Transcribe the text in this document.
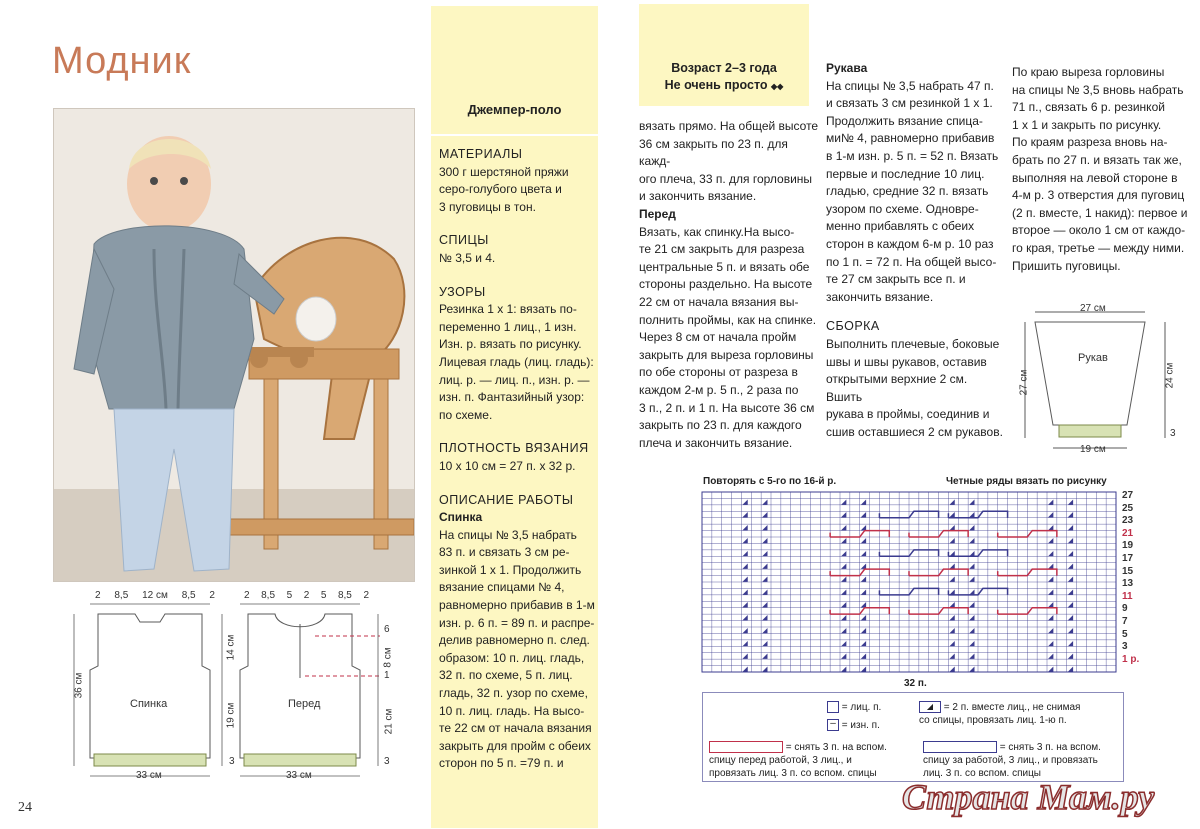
Модник
2 8,5 12 см 8,5 2
Спинка
33 см
36 см
14 см
19 см
3
2 8,5 5 2 5 8,5 2
Перед
33 см
6
8 см
1
21 см
3
24
Джемпер-поло
МАТЕРИАЛЫ
300 г шерстяной пряжи
серо-голубого цвета и
3 пуговицы в тон.
СПИЦЫ
№ 3,5 и 4.
УЗОРЫ
Резинка 1 х 1: вязать по-
переменно 1 лиц., 1 изн.
Изн. р. вязать по рисунку.
Лицевая гладь (лиц. гладь):
лиц. р. — лиц. п., изн. р. —
изн. п. Фантазийный узор:
по схеме.
ПЛОТНОСТЬ ВЯЗАНИЯ
10 х 10 см = 27 п. х 32 р.
ОПИСАНИЕ РАБОТЫ
Спинка
На спицы № 3,5 набрать
83 п. и связать 3 см ре-
зинкой 1 х 1. Продолжить
вязание спицами № 4,
равномерно прибавив в 1-м
изн. р. 6 п. = 89 п. и распре-
делив равномерно п. след.
образом: 10 п. лиц. гладь,
32 п. по схеме, 5 п. лиц.
гладь, 32 п. узор по схеме,
10 п. лиц. гладь. На высо-
те 22 см от начала вязания
закрыть для пройм с обеих
сторон по 5 п. =79 п. и
Возраст 2–3 года
Не очень просто ◆◆
вязать прямо. На общей высоте
36 см закрыть по 23 п. для кажд-
ого плеча, 33 п. для горловины
и закончить вязание.
Перед
Вязать, как спинку.На высо-
те 21 см закрыть для разреза
центральные 5 п. и вязать обе
стороны раздельно. На высоте
22 см от начала вязания вы-
полнить проймы, как на спинке.
Через 8 см от начала пройм
закрыть для выреза горловины
по обе стороны от разреза в
каждом 2-м р. 5 п., 2 раза по
3 п., 2 п. и 1 п. На высоте 36 см
закрыть по 23 п. для каждого
плеча и закончить вязание.
Рукава
На спицы № 3,5 набрать 47 п.
и связать 3 см резинкой 1 х 1.
Продолжить вязание спица-
ми№ 4, равномерно прибавив
в 1-м изн. р. 5 п. = 52 п. Вязать
первые и последние 10 лиц.
гладью, средние 32 п. вязать
узором по схеме. Одновре-
менно прибавлять с обеих
сторон в каждом 6-м р. 10 раз
по 1 п. = 72 п. На общей высо-
те 27 см закрыть все п. и
закончить вязание.
СБОРКА
Выполнить плечевые, боковые
швы и швы рукавов, оставив
открытыми верхние 2 см. Вшить
рукава в проймы, соединив и
сшив оставшиеся 2 см рукавов.
По краю выреза горловины
на спицы № 3,5 вновь набрать
71 п., связать 6 р. резинкой
1 х 1 и закрыть по рисунку.
По краям разреза вновь на-
брать по 27 п. и вязать так же,
выполняя на левой стороне в
4-м р. 3 отверстия для пуговиц
(2 п. вместе, 1 накид): первое и
второе — около 1 см от каждо-
го края, третье — между ними.
Пришить пуговицы.
27 см
Рукав
19 см
27 см	24 см
3
Повторять с 5-го по 16-й р.	Четные ряды вязать по рисунку
◢ ◢	◢ ◢	◢ ◢	◢ ◢
◢ ◢	◢ ◢	◢ ◢	◢ ◢
◢ ◢	◢ ◢	◢ ◢	◢ ◢
◢ ◢	◢ ◢	◢ ◢	◢ ◢
◢ ◢	◢ ◢	◢ ◢	◢ ◢
◢ ◢	◢ ◢	◢ ◢	◢ ◢
◢ ◢	◢ ◢	◢ ◢	◢ ◢
◢ ◢	◢ ◢	◢ ◢	◢ ◢
◢ ◢	◢ ◢	◢ ◢	◢ ◢
◢ ◢	◢ ◢	◢ ◢	◢ ◢
◢ ◢	◢ ◢	◢ ◢	◢ ◢
◢ ◢	◢ ◢	◢ ◢	◢ ◢
◢ ◢	◢ ◢	◢ ◢	◢ ◢
◢ ◢	◢ ◢	◢ ◢	◢ ◢
27
25
23
21
19
17
15
13
11
9
7
5
3
1 р.
32 п.
= лиц. п.
– = изн. п.
◢ = 2 п. вместе лиц., не снимая
со спицы, провязать лиц. 1-ю п.
= снять 3 п. на вспом.
спицу перед работой, 3 лиц., и
провязать лиц. 3 п. со вспом. спицы
= снять 3 п. на вспом.
спицу за работой, 3 лиц., и провязать
лиц. 3 п. со вспом. спицы
Страна Мам.ру
